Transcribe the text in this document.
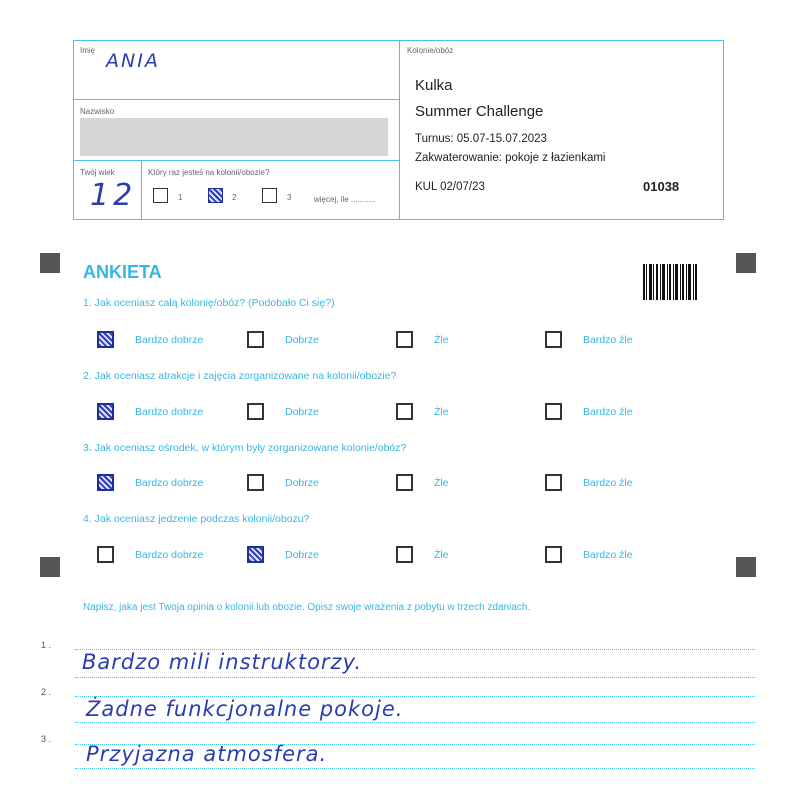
Imię ANIA
Nazwisko
Twój wiek
12
Który raz jesteś na kolonii/obozie?
1	2	3	więcej, ile ...........
Kolonie/obóz
Kulka
Summer Challenge
Turnus: 05.07-15.07.2023
Zakwaterowanie: pokoje z łazienkami
KUL 02/07/23	01038
ANKIETA
1. Jak oceniasz całą kolonię/obóz? (Podobało Ci się?)
Bardzo dobrze	Dobrze	Źle	Bardzo źle
2. Jak oceniasz atrakcje i zajęcia zorganizowane na kolonii/obozie?
Bardzo dobrze	Dobrze	Źle	Bardzo źle
3. Jak oceniasz ośrodek, w którym były zorganizowane kolonie/obóz?
Bardzo dobrze	Dobrze	Źle	Bardzo źle
4. Jak oceniasz jedzenie podczas kolonii/obozu?
Bardzo dobrze	Dobrze	Źle	Bardzo źle
Napisz, jaka jest Twoja opinia o kolonii lub obozie. Opisz swoje wrażenia z pobytu w trzech zdaniach.
1 .
Bardzo mili instruktorzy.
2 .
Żadne funkcjonalne pokoje.
3 .
Przyjazna atmosfera.
